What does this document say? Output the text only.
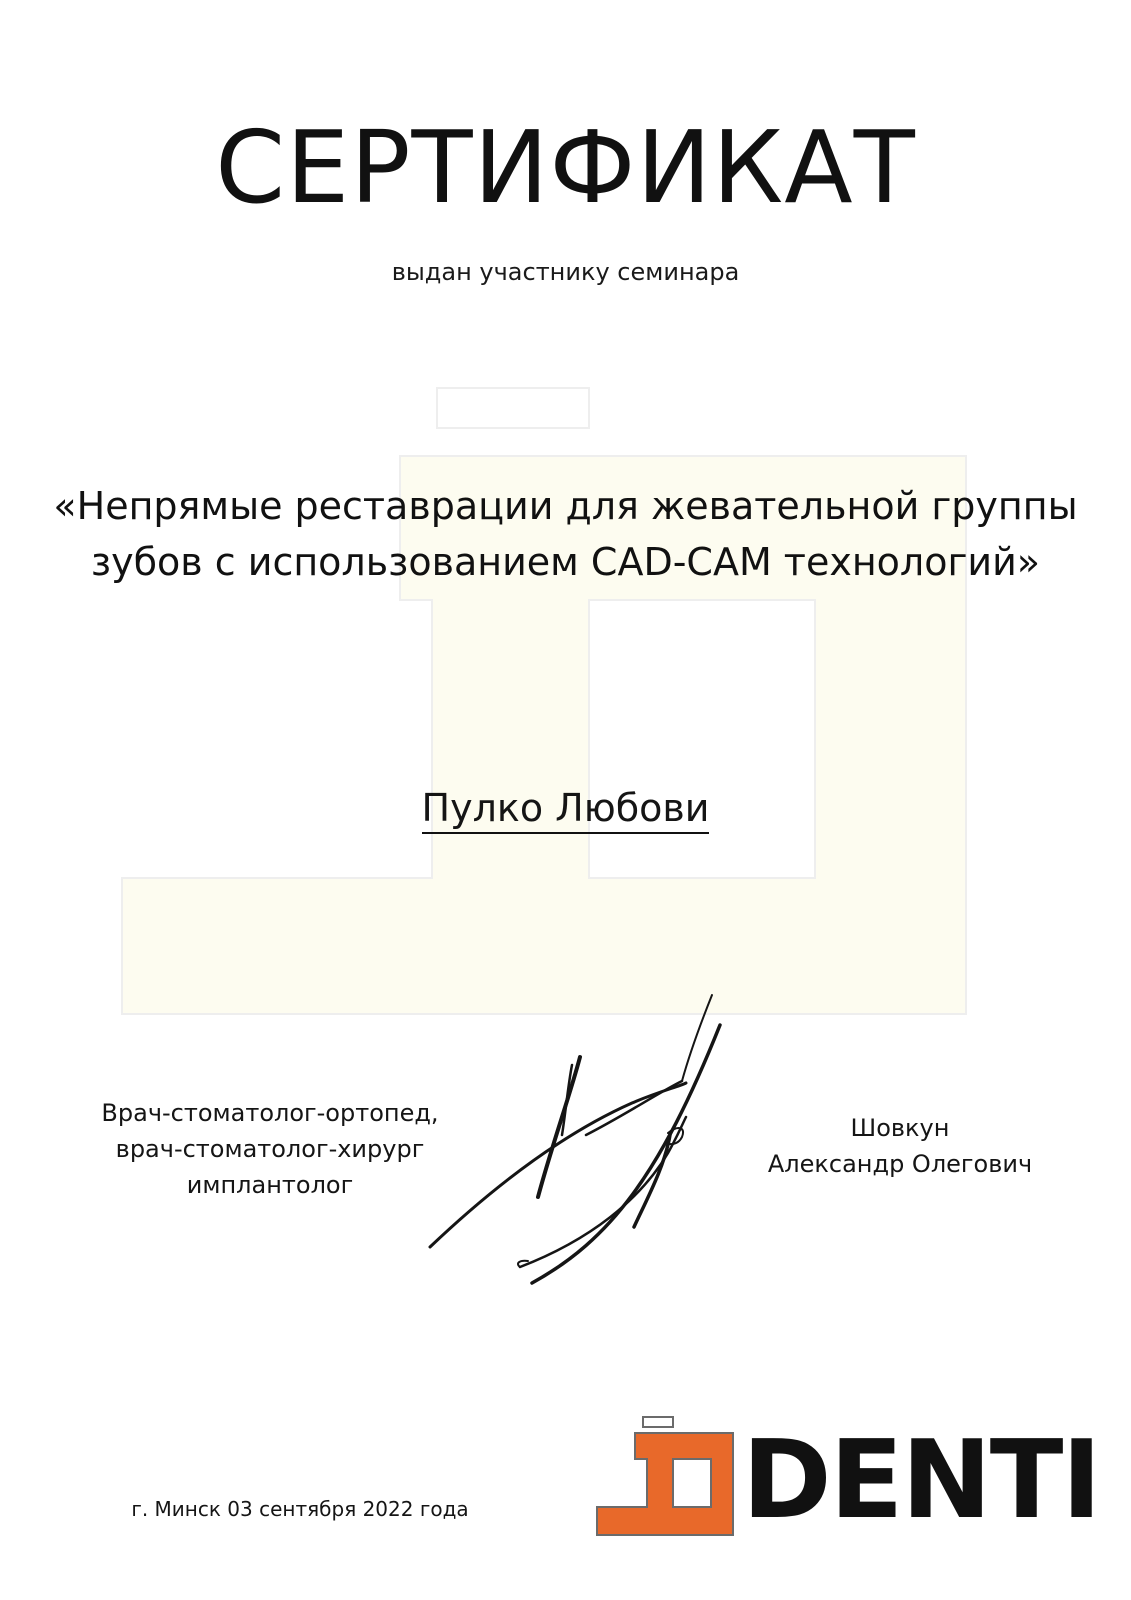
СЕРТИФИКАТ
выдан участнику семинара
«Непрямые реставрации для жевательной группы зубов с использованием CAD-CAM технологий»
Пулко Любови
Врач-стоматолог-ортопед,
врач-стоматолог-хирург
имплантолог
Шовкун
Александр Олегович
г. Минск 03 сентября 2022 года	DENTI
